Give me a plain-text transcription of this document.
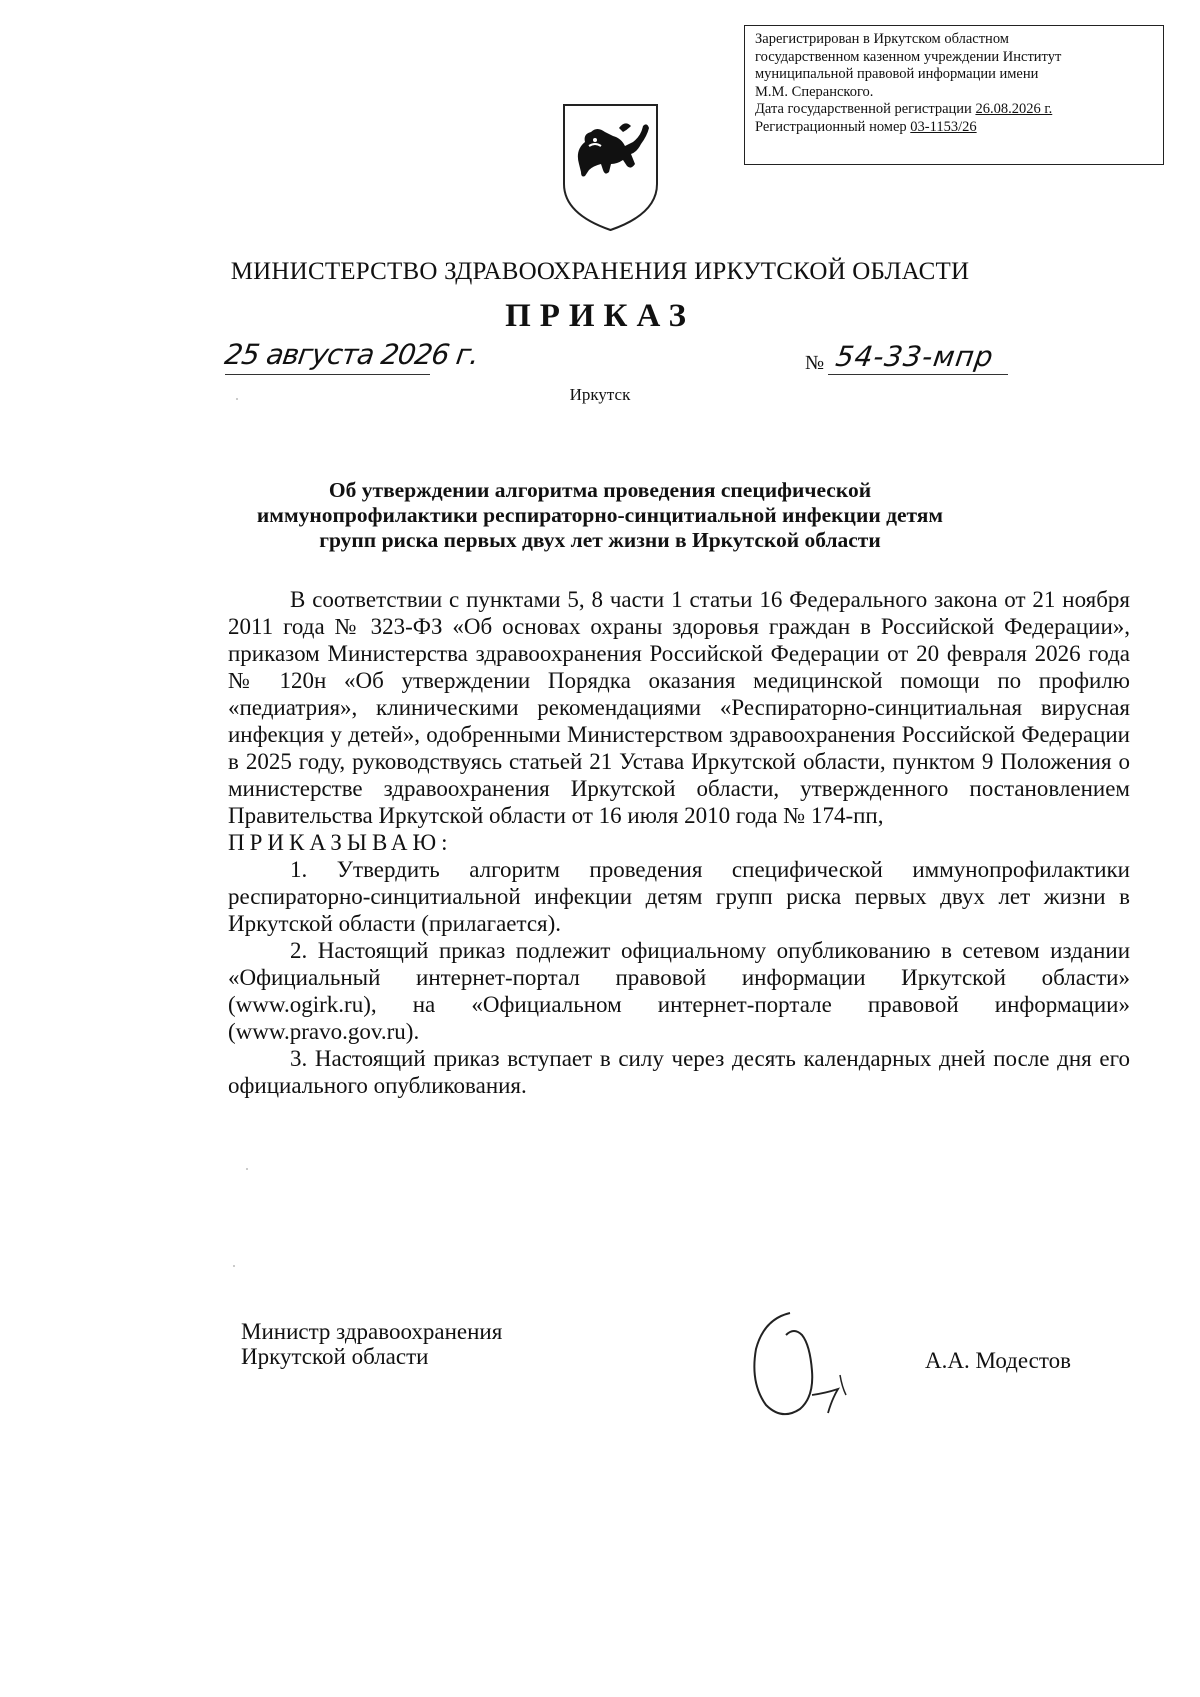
Зарегистрирован в Иркутском областном
государственном казенном учреждении Институт
муниципальной правовой информации имени
М.М. Сперанского.
Дата государственной регистрации 26.08.2026 г.
Регистрационный номер 03-1153/26
МИНИСТЕРСТВО ЗДРАВООХРАНЕНИЯ ИРКУТСКОЙ ОБЛАСТИ
ПРИКАЗ
25 августа 2026 г.	№ 54-33-мпр
Иркутск
Об утверждении алгоритма проведения специфической
иммунопрофилактики респираторно-синцитиальной инфекции детям
групп риска первых двух лет жизни в Иркутской области

В соответствии с пунктами 5, 8 части 1 статьи 16 Федерального закона от 21 ноября 2011 года № 323-ФЗ «Об основах охраны здоровья граждан в Российской Федерации», приказом Министерства здравоохранения Российской Федерации от 20 февраля 2026 года № 120н «Об утверждении Порядка оказания медицинской помощи по профилю «педиатрия», клиническими рекомендациями «Респираторно-синцитиальная вирусная инфекция у детей», одобренными Министерством здравоохранения Российской Федерации в 2025 году, руководствуясь статьей 21 Устава Иркутской области, пунктом 9 Положения о министерстве здравоохранения Иркутской области, утвержденного постановлением Правительства Иркутской области от 16 июля 2010 года № 174-пп,

ПРИКАЗЫВАЮ:

1. Утвердить алгоритм проведения специфической иммунопрофилактики респираторно-синцитиальной инфекции детям групп риска первых двух лет жизни в Иркутской области (прилагается).

2. Настоящий приказ подлежит официальному опубликованию в сетевом издании «Официальный интернет-портал правовой информации Иркутской области» (www.ogirk.ru), на «Официальном интернет-портале правовой информации» (www.pravo.gov.ru).

3. Настоящий приказ вступает в силу через десять календарных дней после дня его официального опубликования.

Министр здравоохранения
Иркутской области	А.А. Модестов
